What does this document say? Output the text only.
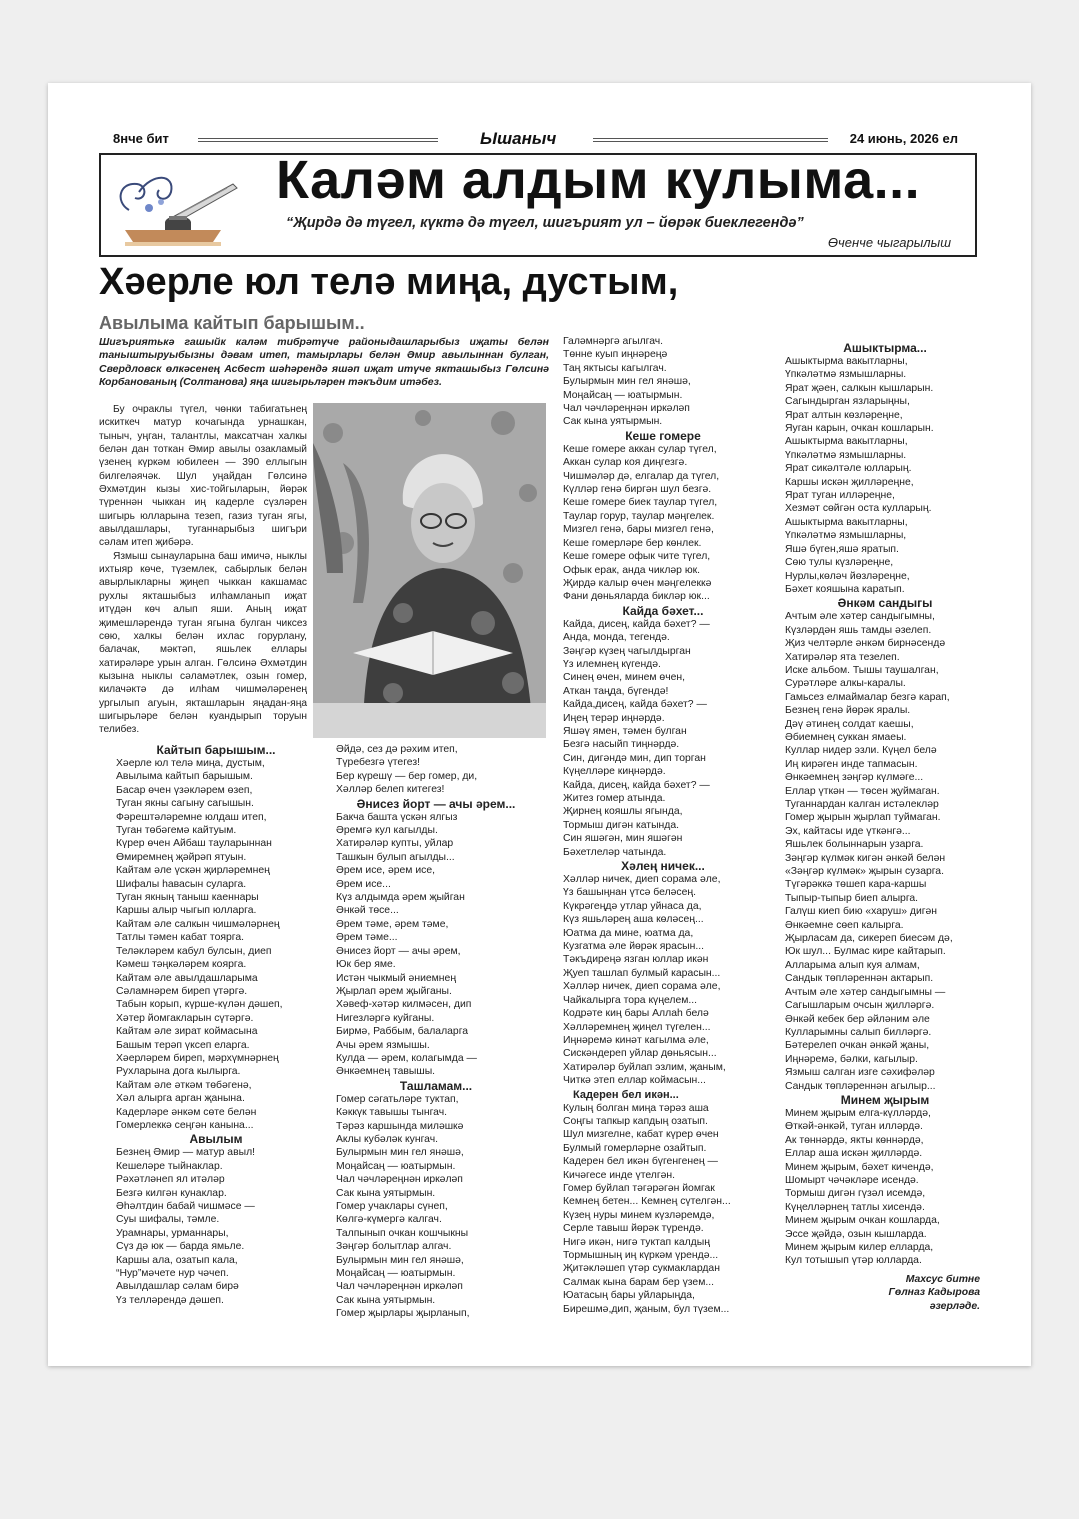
8нче бит	Ышаныч	24 июнь, 2026 ел
Каләм алдым кулыма...
“Җирдә дә түгел, күктә дә түгел, шигърият ул – йөрәк биеклегендә”
Өченче чыгарылыш
Хәерле юл телә миңа, дустым,
Авылыма кайтып барышым..

Шигъриятькә гашыйк каләм тибрәтүче районыдашларыбыз иҗаты белән таныштыруыбызны дәвам итеп, тамырлары белән Әмир авылыннан булган, Свердловск өлкәсенең Асбест шәһәрендә яшәп иҗат итүче якташыбыз Гөлсинә Корбанованың (Солтанова) яңа шигырьләрен тәкъдим итәбез.

Бу очраклы түгел, чөнки табигатьнең искиткеч матур кочагында урнашкан, тыныч, уңган, талантлы, максатчан халкы белән дан тоткан Әмир авылы озакламый үзенең күркәм юбилеен — 390 еллыгын билгеләячәк. Шул уңайдан Гөлсинә Әхмәтдин кызы хис-тойгыларын, йөрәк түреннән чыккан иң кадерле сүзләрен шигырь юлларына тезеп, газиз туган ягы, авылдашлары, туганнарыбыз шигъри сәлам итеп җибәрә.

Язмыш сынауларына баш имичә, ныклы ихтыяр көче, түземлек, сабырлык белән авырлыкларны җиңеп чыккан какшамас рухлы якташыбыз илһамланып иҗат итүдән көч алып яши. Аның иҗат җимешләрендә туган ягына булган чиксез сөю, халкы белән ихлас горурлану, балачак, мәктәп, яшьлек еллары хатирәләре урын алган. Гөлсинә Әхмәтдин кызына ныклы сәламәтлек, озын гомер, килачәктә дә илһам чишмәләренең ургылып агуын, якташларын яңадан-яңа шигырьләре белән куандырып торуын телибез.

Кайтып барышым...
Хәерле юл телә миңа, дустым,
Авылыма кайтып барышым.
Басар өчен үзәкләрем өзеп,
Туган якны сагыну сагышын.
Фәрештәләремне юлдаш итеп,
Туган төбәгемә кайтуым.
Күрер өчен Айбаш тауларыннан
Өмиремнең җәйрәп ятуын.
Кайтам әле үскән җирләремнең
Шифалы һавасын суларга.
Туган якның таныш каеннары
Каршы алыр чыгып юлларга.
Кайтам әле салкын чишмәләрнең
Татлы тәмен кабат тоярга.
Теләкләрем кабул булсын, диеп
Кәмеш тәңкәләрем кояргa.
Кайтам әле авылдашларыма
Сәламнәрем биреп үтәргә.
Табын корып, күрше-күлән дәшеп,
Хәтер йомгакларын сүтәргә.
Кайтам әле зират коймасына
Башым терәп үксеп еларга.
Хәерләрем биреп, мәрхүмнәрнең
Рухларына дога кылырга.
Кайтам әле әткәм төбәгенә,
Хәл алырга арган җанына.
Кадерләре әнкәм сөте белән
Гомерлеккә сеңгән канына...
Авылым
Безнең Әмир — матур авыл!
Кешеләре тыйнаклар.
Рәхәтләнеп ял итәләр
Безгә килгән кунаклар.
Әһәлтдин бабай чишмәсе —
Суы шифалы, тәмле.
Урамнары, урманнары,
Сүз дә юк — барда ямьле.
Каршы ала, озатып кала,
“Нур”мәчете нур чәчеп.
Авылдашлар сәлам бирә
Үз телләрендә дәшеп.
Әйдә, сез дә рәхим итеп,
Түребезгә үтегез!
Бер күрешү — бер гомер, ди,
Хәлләр белеп китегез!
Әнисез йорт — ачы әрем...
Бакча башта үскән ялгыз
Әремгә кул кагылды.
Хатирәләр купты, уйлар
Ташкын булып агылды...
Әрем исе, әрем исе,
Әрем исе...
Күз алдымда әрем җыйган
Әнкәй төсе...
Әрем тәме, әрем тәме,
Әрем тәме...
Әнисез йорт — ачы әрем,
Юк бер яме.
Истән чыкмый әниемнең
Җырлап әрем җыйганы.
Хәвеф-хәтәр килмәсен, дип
Нигезләргә куйганы.
Бирмә, Раббым, балаларга
Ачы әрем язмышы.
Кулда — әрем, колагымда —
Әнкәемнең тавышы.
Ташламам...
Гомер сәгатьләре туктап,
Кәккүк тавышы тынгач.
Тәрәз каршында миләшкә
Аклы кубәләк кунгач.
Булырмын мин гел янәшә,
Моңайсаң — юатырмын.
Чал чәчләреңнән иркәләп
Сак кына уятырмын.
Гомер учаклары сүнеп,
Көлгә-күмергә калгач.
Талпынып очкан кошчыкны
Зәңгәр болытлар алгач.
Булырмын мин гел янәшә,
Моңайсаң — юатырмын.
Чал чәчләреңнән иркәләп
Сак кына уятырмын.
Гомер җырлары җырланып,
Галәмнәргә агылгач.
Төнне куып иңнәреңә
Таң яктысы кагылгач.
Булырмын мин гел янәшә,
Моңайсаң — юатырмын.
Чал чәчләреңнән иркәләп
Сак кына уятырмын.
Кеше гомере
Кеше гомере аккан сулар түгел,
Аккан сулар коя диңгезгә.
Чишмәләр дә, елгалар да түгел,
Күлләр генә биргән шул безгә.
Кеше гомере биек таулар түгел,
Таулар горур, таулар мәңгелек.
Мизгел генә, бары мизгел генә,
Кеше гомерләре бер көнлек.
Кеше гомере офык чите түгел,
Офык ерак, анда чикләр юк.
Җирдә калыр өчен мәңгелеккә
Фани дөньяларда бикләр юк...
Кайда бәхет...
Кайда, дисең, кайда бәхет? —
Анда, монда, тегендә.
Зәңгәр күзең чагылдырган
Үз илемнең күгендә.
Синең өчен, минем өчен,
Аткан таңда, бүгендә!
Кайда,дисең, кайда бәхет? —
Иңең терәр иңнәрдә.
Яшәү ямен, тәмен булган
Безгә насыйп тиңнәрдә.
Син, дигәндә мин, дип торган
Күңелләре киңнәрдә.
Кайда, дисең, кайда бәхет? —
Житез гомер атында.
Җирнең кояшлы ягында,
Тормыш дигән катында.
Син яшәгән, мин яшәгән
Бәхетлеләр чатында.
Хәлең ничек...
Хәлләр ничек, диеп сорама әле,
Үз башыңнан үтсә беләсең.
Күкрәгеңдә утлар уйнаса да,
Күз яшьләрең аша көләсең...
Юатма да мине, юатма да,
Кузгатма әле йөрәк ярасын...
Тәкъдиреңә язган юллар икән
Җуеп ташлап булмый карасын...
Хәлләр ничек, диеп сорама әле,
Чайкалырга тора күңелем...
Кодрәте киң бары Аллаһ белә
Хәлләремнең җиңел түгелен...
Иңнәремә кинәт кагылма әле,
Сискәндереп уйлар дөньясын...
Хатирәләр буйлап эзлим, җаным,
Читкә этеп еллар коймасын...
Кадерен бел икән...
Кулың болган миңа тәрәз аша
Соңгы тапкыр капдың озатып.
Шул мизгелне, кабат күрер өчен
Булмый гомерләрне озайтып.
Кадерен бел икән бүгенгенең —
Кичәгесе инде үтелгән.
Гомер буйлап тәгәрәгән йомгак
Кемнең бетен... Кемнең сүтелгән...
Күзең нуры минем күзләремдә,
Серле тавыш йөрәк түрендә.
Нигә икән, нигә туктап калдың
Тормышның иң күркәм үрендә...
Җитәкләшеп үтәр сукмаклардан
Салмак кына барам бер үзем...
Юатасың бары уйларыңда,
Бирешмә,дип, җаным, бул түзем...
Ашыктырма...
Ашыктырма вакытларны,
Үпкәләтмә язмышларны.
Ярат җәен, салкын кышларын.
Сагындырган язларыңны,
Ярат алтын көзләреңне,
Яуган карын, очкан кошларын.
Ашыктырма вакытларны,
Үпкәләтмә язмышларны.
Ярат сикәлтәле юлларың.
Каршы искән җилләреңне,
Ярат туган илләреңне,
Хезмәт сөйгән оста кулларың.
Ашыктырма вакытларны,
Үпкәләтмә язмышларны,
Яшә бүген,яшә яратып.
Сөю тулы күзләреңне,
Нурлы,көләч йөзләреңне,
Бәхет кояшына каратып.
Әнкәм сандыгы
Ачтым әле хәтер сандыгымны,
Күзләрдән яшь тамды әзелеп.
Җиз челтәрле әнкәм бирнәсендә
Хатирәләр ята тезелеп.
Иске альбом. Тышы таушалган,
Сурәтләре алкы-каралы.
Гамьсез елмаймалар безгә карап,
Безнең генә йөрәк яралы.
Дәү әтинең солдат каешы,
Әбиемнең суккан ямаеы.
Куллар нидер эзли. Күңел белә
Иң кирәген инде тапмасын.
Әнкәемнең зәңгәр күлмәге...
Еллар үткән — төсен җуймаган.
Туганнардан калган истәлекләр
Гомер җырын җырлап туймаган.
Эх, кайтасы иде үткәнгә...
Яшьлек болыннарын узарга.
Зәңгәр күлмәк кигән әнкәй белән
«Зәңгәр күлмәк» җырын сузарга.
Түгәрәккә төшеп кара-каршы
Тыпыр-тыпыр биеп алырга.
Галүш киеп бию «харуш» дигән
Әнкәемне сөеп калырга.
Җырласам да, сикереп биесәм дә,
Юк шул... Булмас кире кайтарып.
Алларыма алып куя алмам,
Сандык төпләреннән актарып.
Ачтым әле хәтер сандыгымны —
Сагышларым очсын җилләргә.
Әнкәй кебек бер әйләним әле
Кулларымны салып билләргә.
Бәтерелеп очкан әнкәй җаны,
Иңнәремә, бәлки, кагылыр.
Язмыш салган изге сәхифәләр
Сандык төпләреннән агылыр...
Минем җырым
Минем җырым елга-күлләрдә,
Өткәй-әнкәй, туган илләрдә.
Ак төннәрдә, якты көннәрдә,
Еллар аша искән җилләрдә.
Минем җырым, бәхет кичендә,
Шомырт чәчәкләре исендә.
Тормыш дигән гүзәл исемдә,
Күңелләрнең татлы хисендә.
Минем җырым очкан кошларда,
Эссе җәйдә, озын кышларда.
Минем җырым килер елларда,
Кул тотышып үтәр юлларда.
Махсус битне
Гөлназ Кадырова
әзерләде.
